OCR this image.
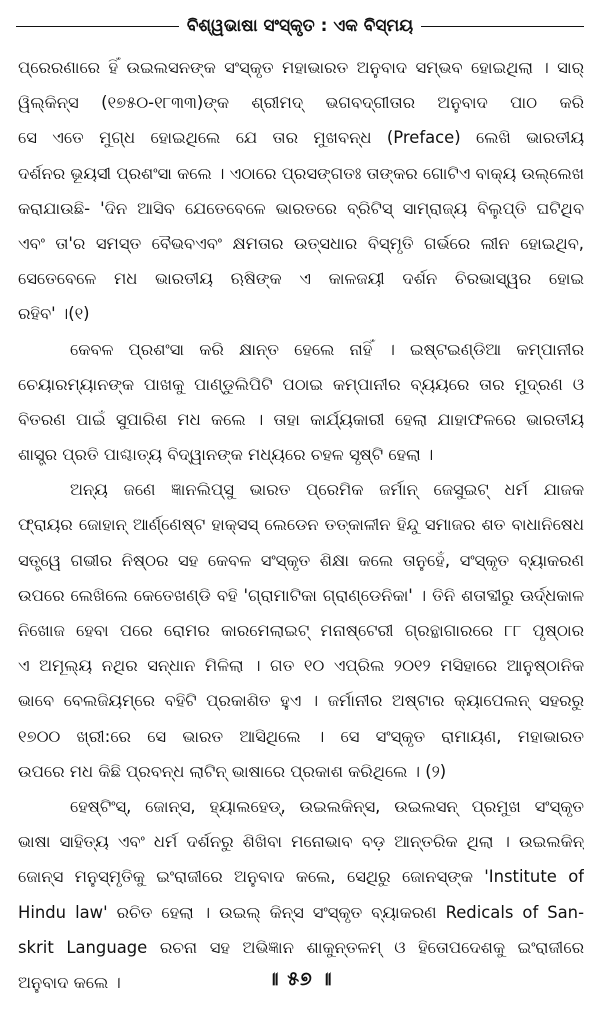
ବିଶ୍ୱଭାଷା ସଂସ୍କୃତ : ଏକ ବିସ୍ମୟ
ପ୍ରେରଣାରେ ହିଁ ଉଇଲସନଙ୍କ ସଂସ୍କୃତ ମହାଭାରତ ଅନୁବାଦ ସମ୍ଭବ ହୋଇଥିଲା । ସାର୍
ୱିଲ୍କିନ୍‌ସ (୧୭୫୦-୧୮୩୩)ଙ୍କ ଶ୍ରୀମଦ୍ ଭଗବଦ୍‌ଗୀତାର ଅନୁବାଦ ପାଠ କରି
ସେ ଏତେ ମୁଗ୍ଧ ହୋଇଥିଲେ ଯେ ତାର ମୁଖବନ୍ଧ (Preface) ଲେଖି ଭାରତୀୟ
ଦର୍ଶନର ଭୂୟସୀ ପ୍ରଶଂସା କଲେ । ଏଠାରେ ପ୍ରସଙ୍ଗତଃ ତାଙ୍କର ଗୋଟିଏ ବାକ୍ୟ ଉଲ୍ଲେଖ
କରାଯାଉଛି- 'ଦିନ ଆସିବ ଯେତେବେଳେ ଭାରତରେ ବ୍ରିଟିସ୍ ସାମ୍ରାଜ୍ୟ ବିଲୁପ୍ତି ଘଟିଥିବ
ଏବଂ ତା'ର ସମସ୍ତ ବୈଭବଏବଂ କ୍ଷମତାର ଉତ୍ସଧାର ବିସ୍ମୃତି ଗର୍ଭରେ ଲୀନ ହୋଇଥିବ,
ସେତେବେଳେ ମଧ ଭାରତୀୟ ଋଷିଙ୍କ ଏ କାଳଜୟୀ ଦର୍ଶନ ଚିରଭାସ୍ୱର ହୋଇ
ରହିବ' ।(୧)
କେବଳ ପ୍ରଶଂସା କରି କ୍ଷାନ୍ତ ହେଲେ ନାହିଁ । ଇଷ୍ଟଇଣ୍ଡିଆ କମ୍ପାନୀର
ଚେୟାରମ୍ୟାନଙ୍କ ପାଖକୁ ପାଣ୍ଡୁଲିପିଟି ପଠାଇ କମ୍ପାନୀର ବ୍ୟୟରେ ତାର ମୁଦ୍ରଣ ଓ
ବିତରଣ ପାଇଁ ସୁପାରିଶ ମଧ କଲେ । ତାହା କାର୍ଯ୍ୟକାରୀ ହେଲା ଯାହାଫଳରେ ଭାରତୀୟ
ଶାସ୍ତ୍ର ପ୍ରତି ପାଶ୍ଚାତ୍ୟ ବିଦ୍ୱାନଙ୍କ ମଧ୍ୟରେ ଚହଳ ସୃଷ୍ଟି ହେଲା ।
ଅନ୍ୟ ଜଣେ ଜ୍ଞାନଲିପ୍ସୁ ଭାରତ ପ୍ରେମିକ ଜର୍ମାନ୍ ଜେସୁଇଟ୍ ଧର୍ମ ଯାଜକ
ଫ୍ରାୟର ଜୋହାନ୍ ଆର୍ଣ୍ଣେଷ୍ଟ ହାକ୍ସସ୍ ଲେଡେନ ତତ୍‌କାଳୀନ ହିନ୍ଦୁ ସମାଜର ଶତ ବାଧାନିଷେଧ
ସତ୍ତ୍ୱେ ଗଭୀର ନିଷ୍ଠର ସହ କେବଳ ସଂସ୍କୃତ ଶିକ୍ଷା କଲେ ତାନୁହେଁ, ସଂସ୍କୃତ ବ୍ୟାକରଣ
ଉପରେ ଲେଖିଲେ କେତେଖଣ୍ଡି ବହି 'ଗ୍ରାମାଟିକା ଗ୍ରାଣ୍ଡେନିକା' । ତିନି ଶତାବ୍ଦୀରୁ ଊର୍ଦ୍ଧକାଳ
ନିଖୋଜ ହେବା ପରେ ରୋମର କାରମେଲାଇଟ୍ ମନାଷ୍ଟେରୀ ଗ୍ରନ୍ଥାଗାରରେ ୮୮ ପୃଷ୍ଠାର
ଏ ଅମୂଲ୍ୟ ନଥିର ସନ୍ଧାନ ମିଳିଲା । ଗତ ୧୦ ଏପ୍ରିଲ ୨୦୧୨ ମସିହାରେ ଆନୁଷ୍ଠାନିକ
ଭାବେ ବେଲଜିୟମ୍‌ରେ ବହିଟି ପ୍ରକାଶିତ ହୁଏ । ଜର୍ମାନୀର ଅଷ୍ଟାର କ୍ୟାପେଲନ୍ ସହରରୁ
୧୭୦୦ ଖ୍ରୀ:ରେ ସେ ଭାରତ ଆସିଥିଲେ । ସେ ସଂସ୍କୃତ ରାମାୟଣ, ମହାଭାରତ
ଉପରେ ମଧ କିଛି ପ୍ରବନ୍ଧ ଲାଟିନ୍ ଭାଷାରେ ପ୍ରକାଶ କରିଥିଲେ । (୨)
ହେଷ୍ଟିଂସ୍, ଜୋନ୍ସ, ହ୍ୟାଲହେଡ୍, ଉଇଲକିନ୍ସ, ଉଇଲସନ୍ ପ୍ରମୁଖ ସଂସ୍କୃତ
ଭାଷା ସାହିତ୍ୟ ଏବଂ ଧର୍ମ ଦର୍ଶନରୁ ଶିଖିବା ମନୋଭାବ ବଡ଼ ଆନ୍ତରିକ ଥିଲା । ଉଇଲକିନ୍
ଜୋନ୍ସ ମନୁସ୍ମୃତିକୁ ଇଂରାଜୀରେ ଅନୁବାଦ କଲେ, ସେଥିରୁ ଜୋନସ୍‌ଙ୍କ 'Institute of
Hindu law' ରଚିତ ହେଲା । ଉଇଲ୍ କିନ୍ସ ସଂସ୍କୃତ ବ୍ୟାକରଣ Redicals of San-
skrit Language ରଚନା ସହ ଅଭିଜ୍ଞାନ ଶାକୁନ୍ତଳମ୍ ଓ ହିତୋପଦେଶକୁ ଇଂରାଜୀରେ
ଅନୁବାଦ କଲେ ।	॥ ୫୭ ॥
